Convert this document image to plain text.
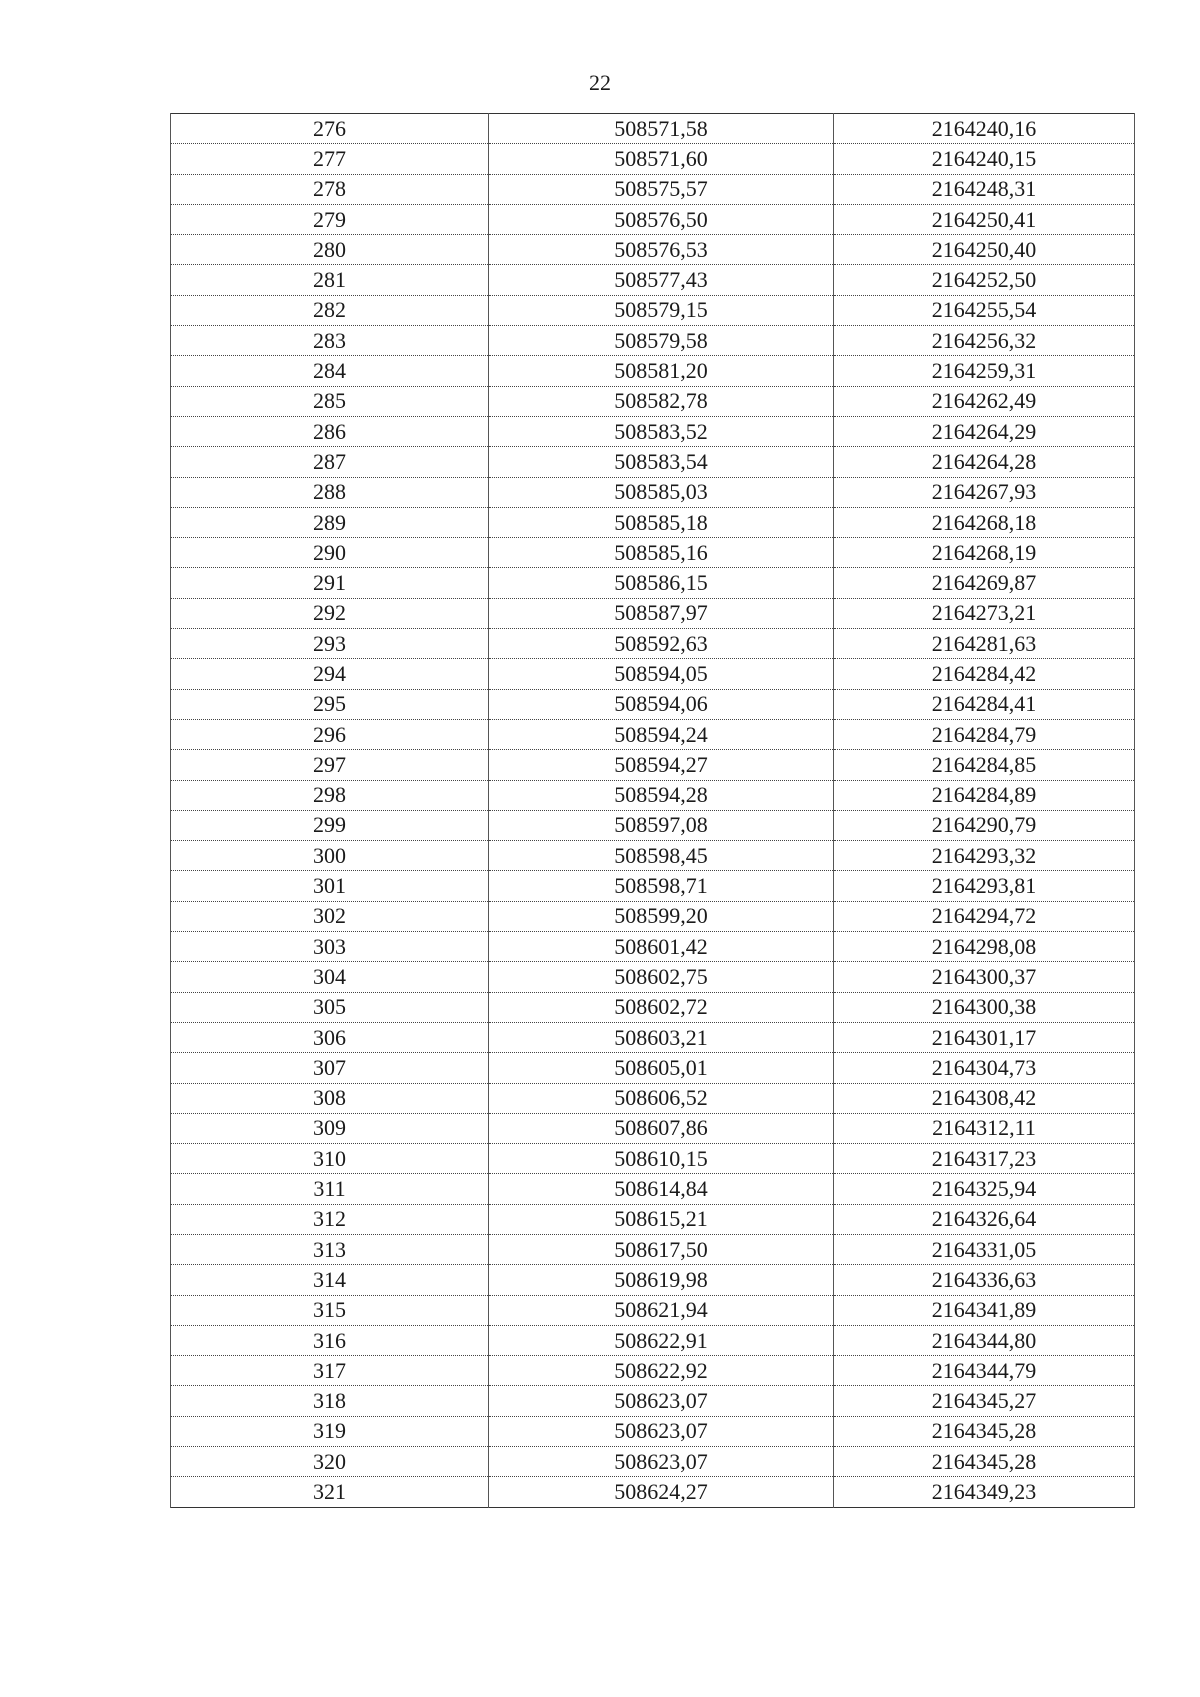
22
276	508571,58	2164240,16
277	508571,60	2164240,15
278	508575,57	2164248,31
279	508576,50	2164250,41
280	508576,53	2164250,40
281	508577,43	2164252,50
282	508579,15	2164255,54
283	508579,58	2164256,32
284	508581,20	2164259,31
285	508582,78	2164262,49
286	508583,52	2164264,29
287	508583,54	2164264,28
288	508585,03	2164267,93
289	508585,18	2164268,18
290	508585,16	2164268,19
291	508586,15	2164269,87
292	508587,97	2164273,21
293	508592,63	2164281,63
294	508594,05	2164284,42
295	508594,06	2164284,41
296	508594,24	2164284,79
297	508594,27	2164284,85
298	508594,28	2164284,89
299	508597,08	2164290,79
300	508598,45	2164293,32
301	508598,71	2164293,81
302	508599,20	2164294,72
303	508601,42	2164298,08
304	508602,75	2164300,37
305	508602,72	2164300,38
306	508603,21	2164301,17
307	508605,01	2164304,73
308	508606,52	2164308,42
309	508607,86	2164312,11
310	508610,15	2164317,23
311	508614,84	2164325,94
312	508615,21	2164326,64
313	508617,50	2164331,05
314	508619,98	2164336,63
315	508621,94	2164341,89
316	508622,91	2164344,80
317	508622,92	2164344,79
318	508623,07	2164345,27
319	508623,07	2164345,28
320	508623,07	2164345,28
321	508624,27	2164349,23
